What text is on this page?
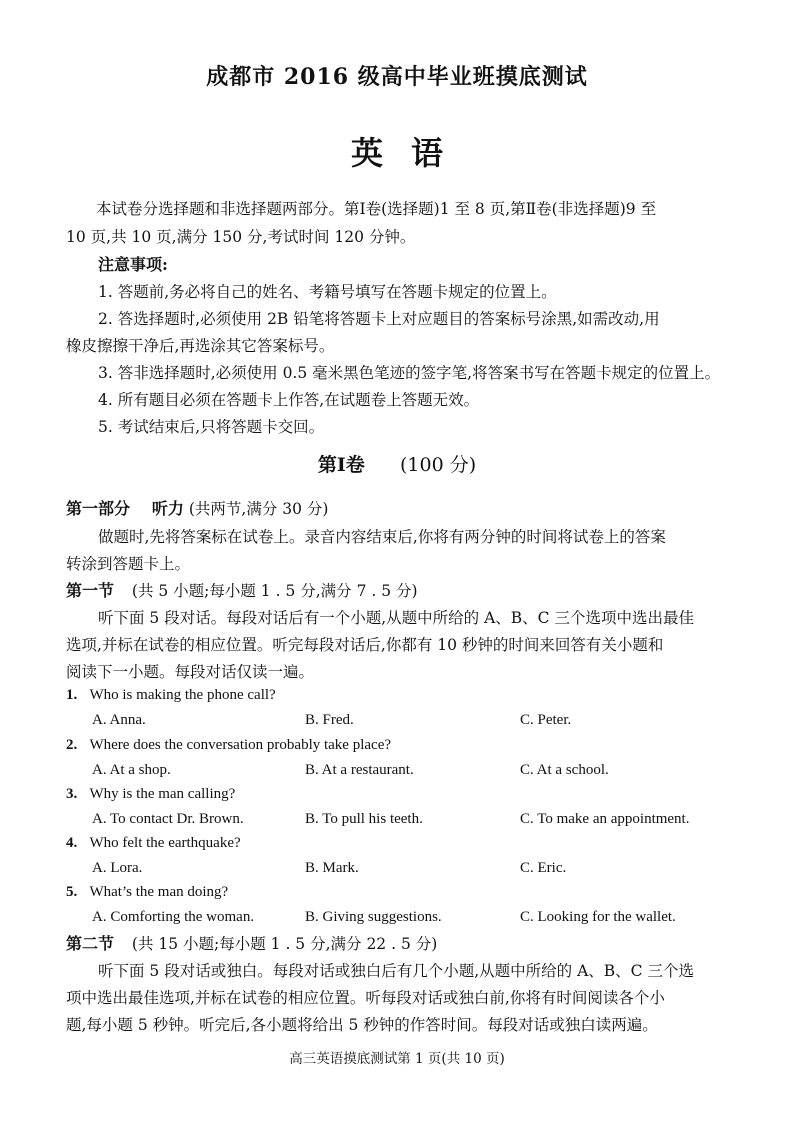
成都市 2016 级高中毕业班摸底测试
英语
本试卷分选择题和非选择题两部分。第Ⅰ卷(选择题)1 至 8 页,第Ⅱ卷(非选择题)9 至
10 页,共 10 页,满分 150 分,考试时间 120 分钟。
注意事项:
1. 答题前,务必将自己的姓名、考籍号填写在答题卡规定的位置上。
2. 答选择题时,必须使用 2B 铅笔将答题卡上对应题目的答案标号涂黑,如需改动,用
橡皮擦擦干净后,再选涂其它答案标号。
3. 答非选择题时,必须使用 0.5 毫米黑色笔迹的签字笔,将答案书写在答题卡规定的位置上。
4. 所有题目必须在答题卡上作答,在试题卷上答题无效。
5. 考试结束后,只将答题卡交回。
第Ⅰ卷 (100 分)
第一部分 听力 (共两节,满分 30 分)
做题时,先将答案标在试卷上。录音内容结束后,你将有两分钟的时间将试卷上的答案
转涂到答题卡上。
第一节 (共 5 小题;每小题 1 . 5 分,满分 7 . 5 分)
听下面 5 段对话。每段对话后有一个小题,从题中所给的 A、B、C 三个选项中选出最佳
选项,并标在试卷的相应位置。听完每段对话后,你都有 10 秒钟的时间来回答有关小题和
阅读下一小题。每段对话仅读一遍。
1. Who is making the phone call?
A. Anna.	B. Fred.	C. Peter.
2. Where does the conversation probably take place?
A. At a shop.	B. At a restaurant.	C. At a school.
3. Why is the man calling?
A. To contact Dr. Brown.	B. To pull his teeth.	C. To make an appointment.
4. Who felt the earthquake?
A. Lora.	B. Mark.	C. Eric.
5. What’s the man doing?
A. Comforting the woman.	B. Giving suggestions.	C. Looking for the wallet.
第二节 (共 15 小题;每小题 1 . 5 分,满分 22 . 5 分)
听下面 5 段对话或独白。每段对话或独白后有几个小题,从题中所给的 A、B、C 三个选
项中选出最佳选项,并标在试卷的相应位置。听每段对话或独白前,你将有时间阅读各个小
题,每小题 5 秒钟。听完后,各小题将给出 5 秒钟的作答时间。每段对话或独白读两遍。
高三英语摸底测试第 1 页(共 10 页)
